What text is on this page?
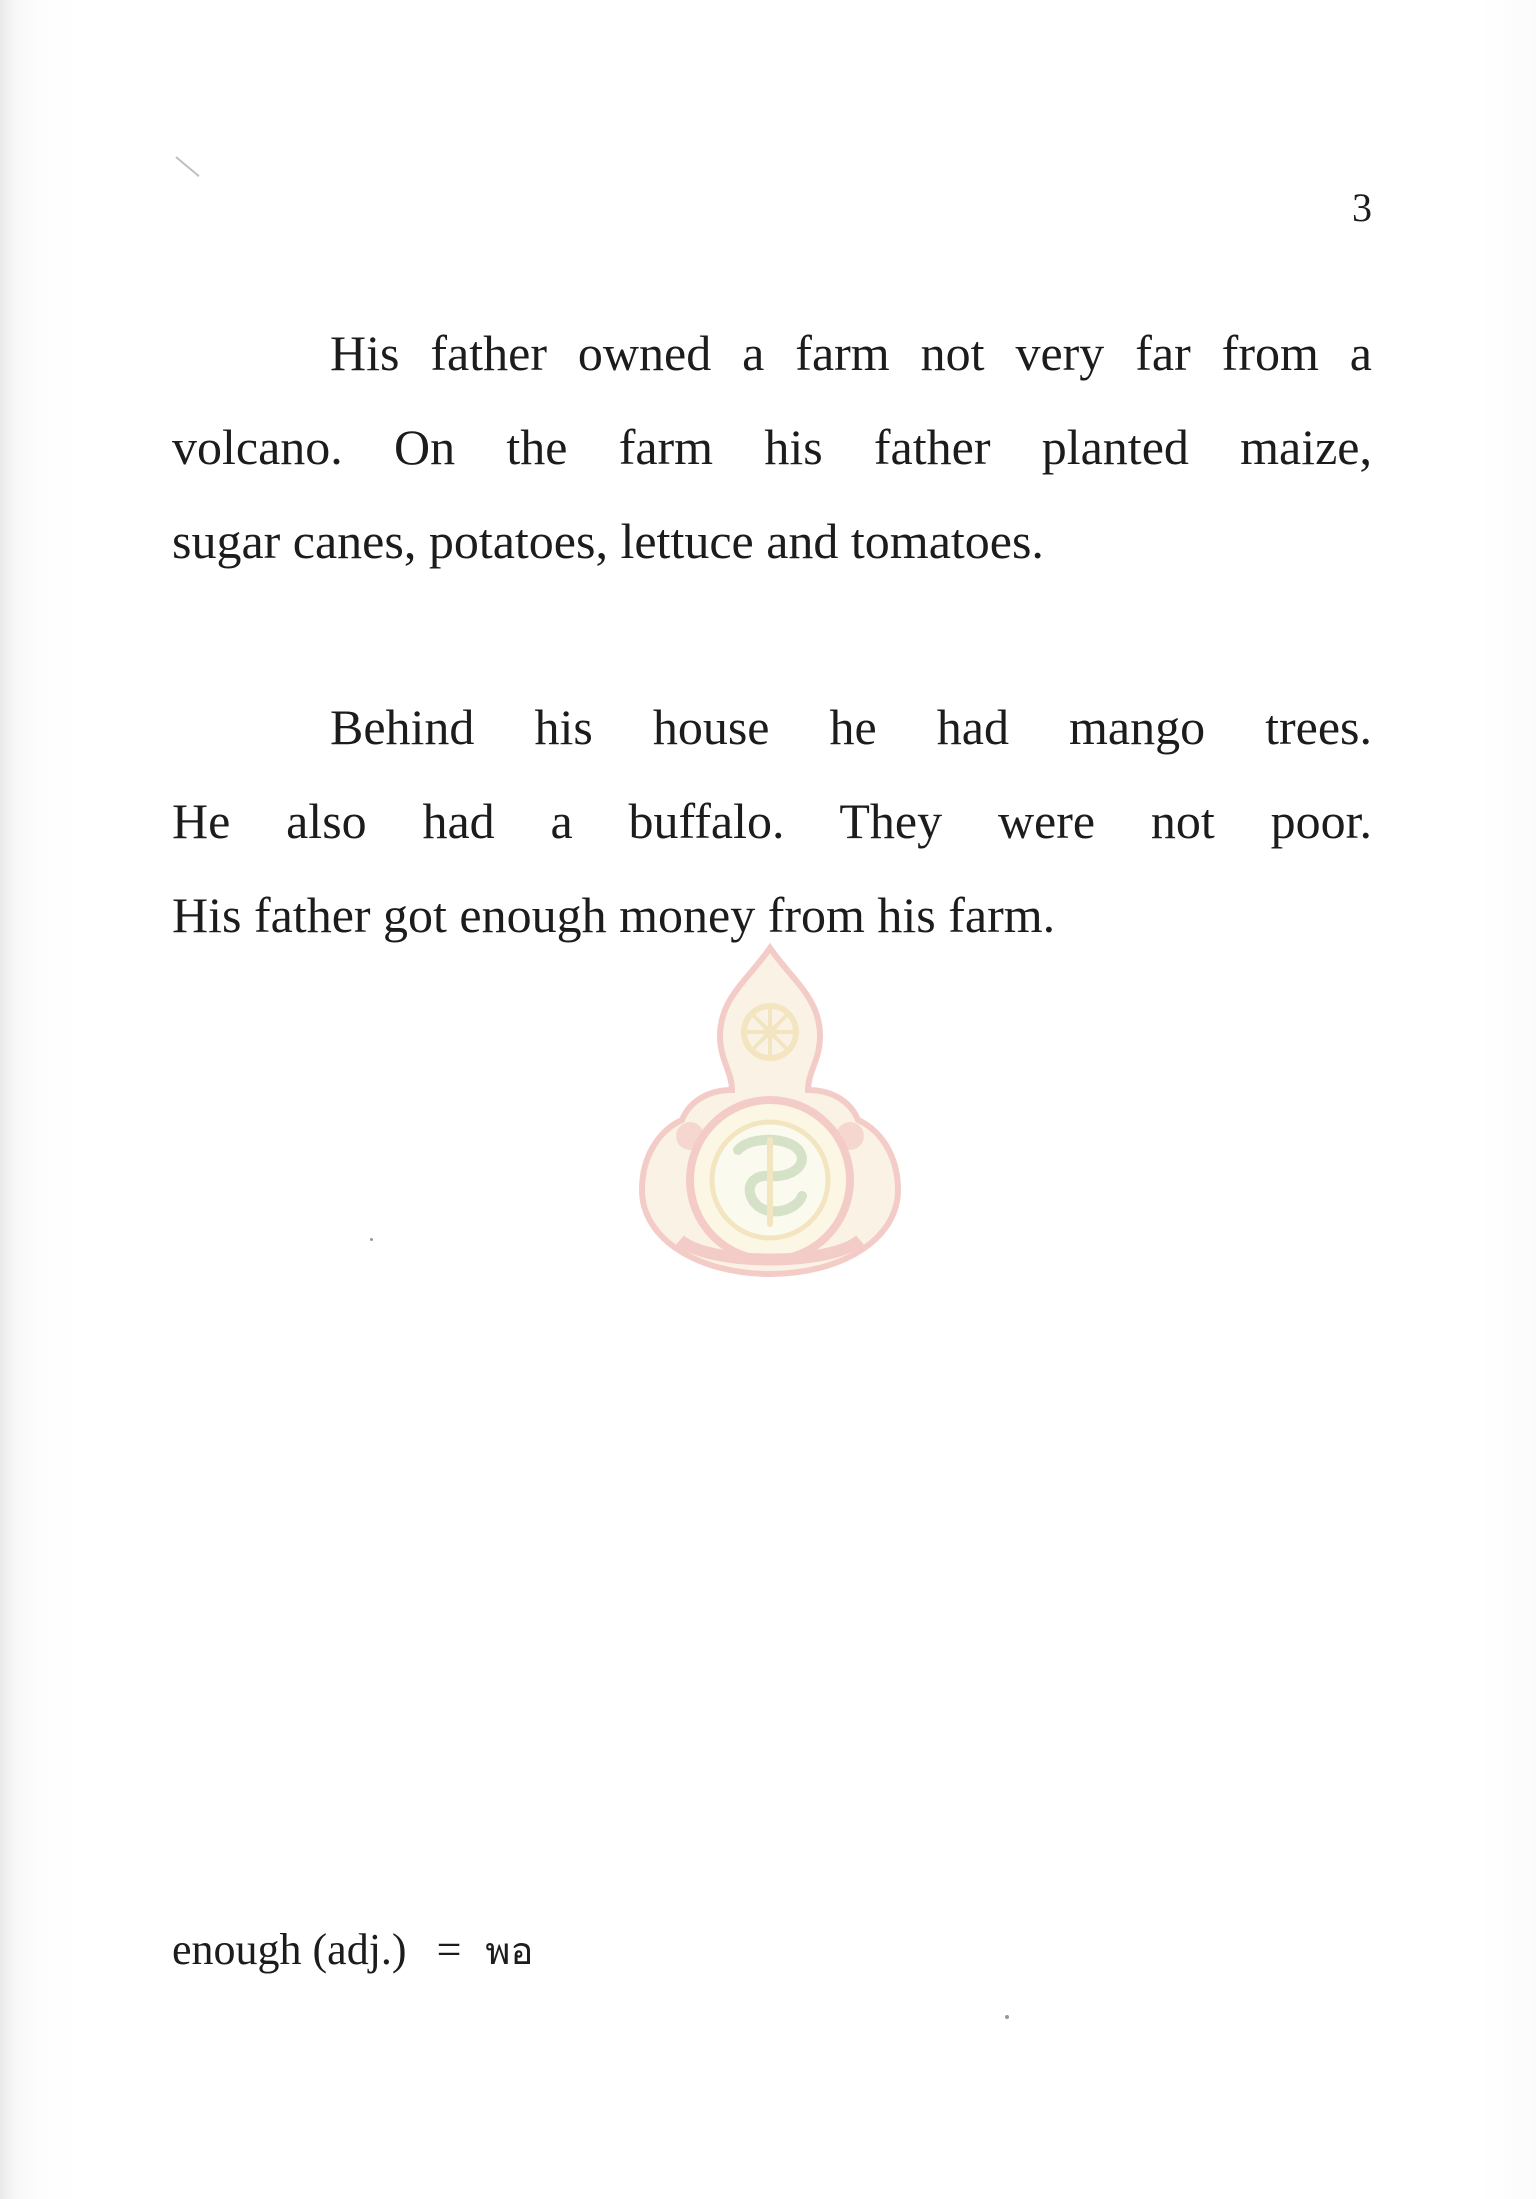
3
His father owned a farm not very far from a
volcano. On the farm his father planted maize,
sugar canes, potatoes, lettuce and tomatoes.
Behind his house he had mango trees.
He also had a buffalo. They were not poor.
His father got enough money from his farm.
enough (adj.) = พอ
